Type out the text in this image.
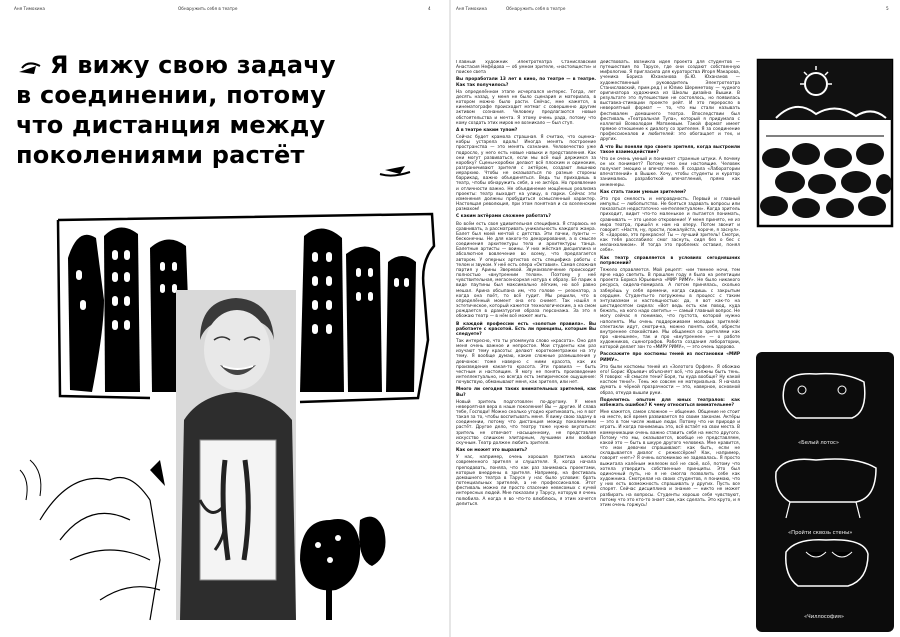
Аня Тимохина	Обнаружить себя в театре	4
Я вижу свою задачу
в соединении, потому
что дистанция между
поколениями растёт
Аня Тимохина	Обнаружить себя в театре	5

Главный художник Электротеатра Станиславский Анастасия Нефёдова — об умном зрителе, «настоящести» и поиске света

Вы проработали 13 лет в кино, по театре — в театре. Как так получилось?

На определённом этапе исчерпался интерес. Тогда, лет десять назад, у меня не было сценария и материала, в котором можно было расти. Сейчас, мне кажется, в кинематографе происходит мэтмаг с совершенно другим активом сознания. Человеку предлагаются новые обстоятельства и мечта. Я этому очень рада, потому что кому создать этих миров не возникало — был ступ.

А в театре каким тупом?

Сейчас будет крамола страшная. Я считаю, что оценка-кобры устарела вдоль! Иногда менять построение пространства — это менять сознание. Человечество уже подросло, у него есть новые навыки и представления. Как они могут развиваться, если мы всё ещё держимся за коробку? Сцены-коробки делают всё плоским и одиноким, разграничивают зрителя с актёром, создают лишнюю иерархию. Чтобы не оказываться по разные стороны баррикад, важно объединяться. Ведь ты приходишь в театр, чтобы обнаружить себя, а не актёра. Но проявление и отличности важно. Не объединение мощённых реализма проекты: театр выходит на улицу, в парки. Сейчас эти изменения должны пробудиться осмысленный характер. Настоящая революция, при этом понятная и со вселенским размахом!

С каким актёрами сложнее работать?

Во всём есть своя удивительная специфика. Я стараюсь не сравнивать, а рассматривать уникальность каждого жанра. Балет был моей мечтой с детства. Эти пачки, пуанты — бесконечны. Не для какого-то декорирования, а в смысле соединения архитектуры тела и архитектуры танца. Балетные артисты — воины. У них жёсткая дисциплина и абсолютное вовлечение во всему, что предлагается автором. У оперных артистов есть специфика работы с телом и звуком. У неё есть опера «Октавия». Самая сложная партия у Арины Зверевой. Звукоизвлечение происходит полностью «внутренним телом». Поэтому у неё чувствительная, мегасенсорная натура к образу. Её парик в виде паутины был максимально лёгким, но всё равно мешал. Арина обсыпана им, что голове — резонатор, а когда она поёт, то всё гудит. Мы решили, что в определённый момент она его снимет. Так нашёл я эстетическое, который кажется технологическим, а на смом рождается в драматургия образа персонажа. За это я обожаю театр — в нём всё может жить.

В каждой профессии есть «золотые правила». Вы работаете с красотой. Есть ли принципы, которым Вы следуете?

Так интересно, что ты упомянула слово «красота». Оно для меня очень важное и непростое. Мои студенты как раз изучают тему красоты: делают короткометражки на эту тему. Я вообще думаю, какие сложные размышления у девчонок: тоже наверно с ними красота, как их произведения какая-то красота. Эти правила — быть честным и настоящим. Я могу не понять произведение интеллектуально, но всегда есть эмпирическое ощущение: почувствую, обманывают меня, как зрителя, или нет.

Много ли сегодня таких внимательных зрителей, как Вы?

Новый зритель подготовлен по-другому. У меня невероятная вера в наше поколение! Вы — другие. И слава тебе, Господи! Можно сколько угодно критиковать, но я вот такая за то, чтобы воспитывать меня. Я вижу свою задачу в соединении, потому что дистанция между поколениями растёт. Другое дело, что театру тоже нужно вкупаться: зритель не отвечает насыщенному, не представляя искусство слишком элитарным, лучшими или вообще скучным. Театр должен любить зрителя.

Как он может это выразить?

У нас, например, очень хорошая практика школы современного зрителя и слушателя. Я, когда начала преподавать, поняла, что как раз занимаюсь проектами, которые внедрены в зрителя. Например, на фестиваль домашнего театра в Тарусе у нас было условие: брать потенциальных зрителей, а не профессионалов. Этот фестиваль можно ли просто спасение невесомых с кучей интересных людей. Мне показали у Тарусу, которую я очень полюбила. А когда я во что-то влюблюсь, я этим хочется делиться.

действовать. Возникла идея проекта для студентов — путешествия по Тарусе, где они создают собственную мифологию. Я пригласила для кураторства Игоря Макарова, ученика Бориса Юхананова (Б.Ю. Юхананов — художественный руководитель Электротеатра Станиславский, прим.ред.) и Юлию Шереметову — чудного оригинатора художника из Школы дизайна Вышки. В результате это путешествие не состоялось, но появилась выставка-стимации проекте рейт. И это переросло в невероятный формат — то, что мы стали называть фестивалем домашнего театра. Впоследствии был фестиваль «Театральная Тупа», который я придумала с коллегой Всеволодом Матвеевым. Такой формат имеет прямое отношение к диалогу со зрителем. Я за соединение профессионалов и любителей: это обогащает и тех, и других.

А что Вы поняли про своего зрителя, когда выстроили такое взаимодействие?

Что он очень умный и понимает странные штуки. А почему он их понимает? Потому что они настоящие. Человек получает эмоцию и впечатление. Я создала «Лаборатории впечатлений» в Вышке. Хочу, чтобы студенты и куратор занимались разработкой впечатлений, прямо как инженеры.

Как стать таким умным зрителем?

Это про смелость и неправдность. Первый и главный импульс — любопытство. Не бояться задавать вопросы или показаться недостаточно «интеллектуалом». Когда зритель приходит, видит что-то маленькое и пытается понимать, сравнивать — это целое откровение! У меня принято, не из мира театра, пришёл к нам на оперу. Потом звонит и говорит: «Настя, ну, прости, пожалуйста, короче, я заснул». Я: «Здорово, это прекрасно! Ты — лучший зритель! Смотри, как тебя расслабило: смог заснуть, сидя без о бес с меланхоликом». И тогда это проблема: оставил, понял себя».

Как театр справляется в условиях сегодняшних потрясений?

Тяжело справляется. Мой рецепт: «им темнее ночи, тем ярче надо светить. В прошлом году я была на репетиции проекта Бориса Юрьевича «МИР РИМУ». Не было никакого ресурса, сидела-помирала. А потом принялась, сколько заберёшь у себя времени, когда сидишь с закрытым сердцем. Студенты-то погружены в процесс с таким энтузиазмом и настоящностью: да, я вот как-то на шестидесятом сидела: «Вот ведь есть как повод, куда бежать, на кого надо светить» — самый главный вопрос. Не могу сейчас я понимаю, что пустота, которой нужно наполнять. Мы очень поддерживаем молодых зрителей: спектакли идут, смотри-ка, можно понять себя, обрести внутреннее спокойствие. Мы общаемся со зрителями как про «внешнее», так и про «внутреннее» — о работе художников, сценографов. Работа создания лаборатории, которой делает зон то «МИРУ РИМУ», — это очень здорово.

Расскажите про костюмы теней из постановки «МИР РИМУ».

Это были костюмы теней из «Золотого Орфея». Я обожаю его! Борис Юрьевич объясняет всё, что должны быть тень. Я говорю: «В смысле тени? Боря, ты куда вообще? Ну какой костюм тени?». Тень же совсем не материальна. Я начала думать о чёрной прозрачности — это, наверное, основной образ, откуда вышли руки.

Поделитесь опытом для юных театралов: как избежать ошибок? К чему относиться внимательнее?

Мне кажется, самое сложное — общение. Общение не стоит на месте, всё время развивается по своим законам. Актёры — это в том числе живые люди. Потому что ни природе и играть. И когда понимаешь это, всё встаёт на свои места. В коммуникации очень важно ставить себя на место другого. Потому что мы, оказывается, вообще не представляем, какой это — быть в шкуре другого человека. Мне нравится, что мои девочки спрашивают: как быть, если не складывается диалог с режиссёром? Как, например, говорят «нет»? Я очень вспоминаю не задевалась. Я просто выжигала калёным железом всё не своё, всё, потому что хотела утвердить собственные принципы. Это был одиночный путь, но я не смогла позволить себе как художника. Смотрелая на своих студентов, я понимаю, что у них есть возможность спрашивать у других. Пусть все спорят. Сейчас дисциплина и знание — никто не может разбирать на вопросы. Студенты хорошо себя чувствуют, потому что это кто-то знает сам, как сделать. Это круто, и я этим очень горжусь!

«Белый лотос»
«Пройти сквозь стены»
«Чиллософия»
